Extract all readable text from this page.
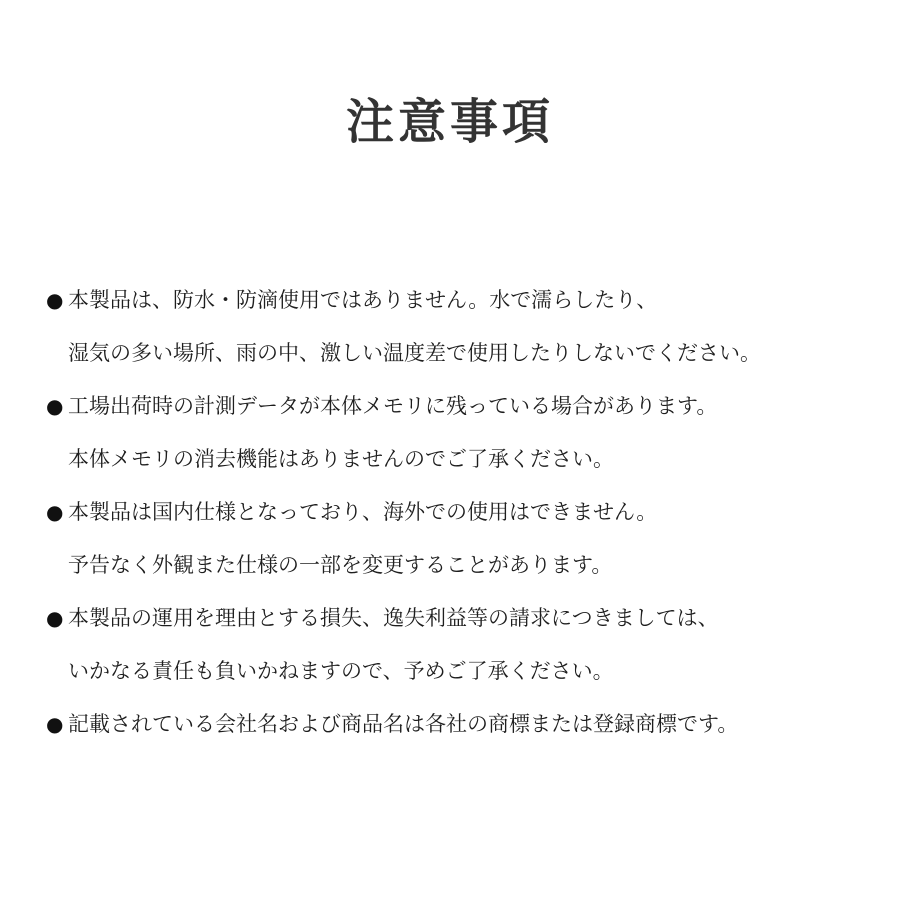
注意事項
● 本製品は、防水・防滴使用ではありません。水で濡らしたり、
湿気の多い場所、雨の中、激しい温度差で使用したりしないでください。
● 工場出荷時の計測データが本体メモリに残っている場合があります。
本体メモリの消去機能はありませんのでご了承ください。
● 本製品は国内仕様となっており、海外での使用はできません。
予告なく外観また仕様の一部を変更することがあります。
● 本製品の運用を理由とする損失、逸失利益等の請求につきましては、
いかなる責任も負いかねますので、予めご了承ください。
● 記載されている会社名および商品名は各社の商標または登録商標です。
